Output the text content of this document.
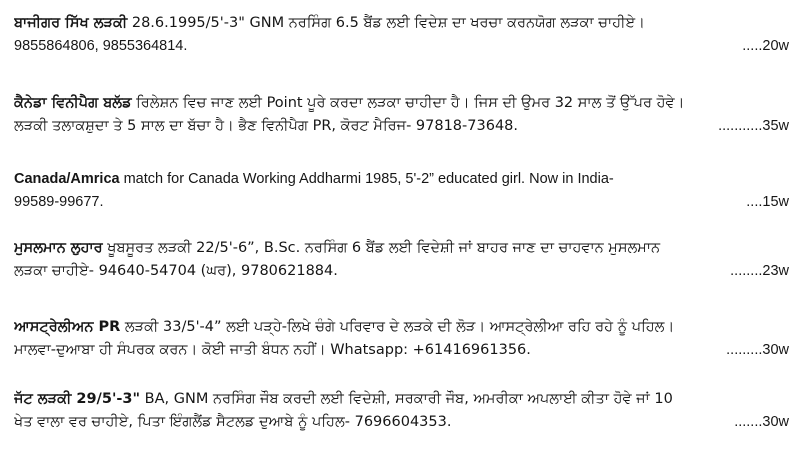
ਬਾਜੀਗਰ ਸਿੱਖ ਲੜਕੀ 28.6.1995/5'-3" GNM ਨਰਸਿੰਗ 6.5 ਬੈਂਡ ਲਈ ਵਿਦੇਸ਼ ਦਾ ਖਰਚਾ ਕਰਨਯੋਗ ਲੜਕਾ ਚਾਹੀਏ।
9855864806, 9855364814.	.....20w
ਕੈਨੇਡਾ ਵਿਨੀਪੈਗ ਬਲੱਡ ਰਿਲੇਸ਼ਨ ਵਿਚ ਜਾਣ ਲਈ Point ਪੂਰੇ ਕਰਦਾ ਲੜਕਾ ਚਾਹੀਦਾ ਹੈ। ਜਿਸ ਦੀ ਉਮਰ 32 ਸਾਲ ਤੋਂ ਉੱਪਰ ਹੋਵੇ।
ਲੜਕੀ ਤਲਾਕਸ਼ੁਦਾ ਤੇ 5 ਸਾਲ ਦਾ ਬੱਚਾ ਹੈ। ਭੈਣ ਵਿਨੀਪੈਗ PR, ਕੋਰਟ ਮੈਰਿਜ- 97818-73648.	...........35w
Canada/Amrica match for Canada Working Addharmi 1985, 5'-2” educated girl. Now in India-
99589-99677.	....15w
ਮੁਸਲਮਾਨ ਲੁਹਾਰ ਖੂਬਸੂਰਤ ਲੜਕੀ 22/5'-6”, B.Sc. ਨਰਸਿੰਗ 6 ਬੈਂਡ ਲਈ ਵਿਦੇਸ਼ੀ ਜਾਂ ਬਾਹਰ ਜਾਣ ਦਾ ਚਾਹਵਾਨ ਮੁਸਲਮਾਨ
ਲੜਕਾ ਚਾਹੀਏ- 94640-54704 (ਘਰ), 9780621884.	........23w
ਆਸਟ੍ਰੇਲੀਅਨ PR ਲੜਕੀ 33/5'-4” ਲਈ ਪੜ੍ਹੇ-ਲਿਖੇ ਚੰਗੇ ਪਰਿਵਾਰ ਦੇ ਲੜਕੇ ਦੀ ਲੋੜ। ਆਸਟ੍ਰੇਲੀਆ ਰਹਿ ਰਹੇ ਨੂੰ ਪਹਿਲ।
ਮਾਲਵਾ-ਦੁਆਬਾ ਹੀ ਸੰਪਰਕ ਕਰਨ। ਕੋਈ ਜਾਤੀ ਬੰਧਨ ਨਹੀਂ। Whatsapp: +61416961356.	.........30w
ਜੱਟ ਲੜਕੀ 29/5'-3" BA, GNM ਨਰਸਿੰਗ ਜੌਬ ਕਰਦੀ ਲਈ ਵਿਦੇਸ਼ੀ, ਸਰਕਾਰੀ ਜੌਬ, ਅਮਰੀਕਾ ਅਪਲਾਈ ਕੀਤਾ ਹੋਵੇ ਜਾਂ 10
ਖੇਤ ਵਾਲਾ ਵਰ ਚਾਹੀਏ, ਪਿਤਾ ਇੰਗਲੈਂਡ ਸੈਟਲਡ ਦੁਆਬੇ ਨੂੰ ਪਹਿਲ- 7696604353.	.......30w
